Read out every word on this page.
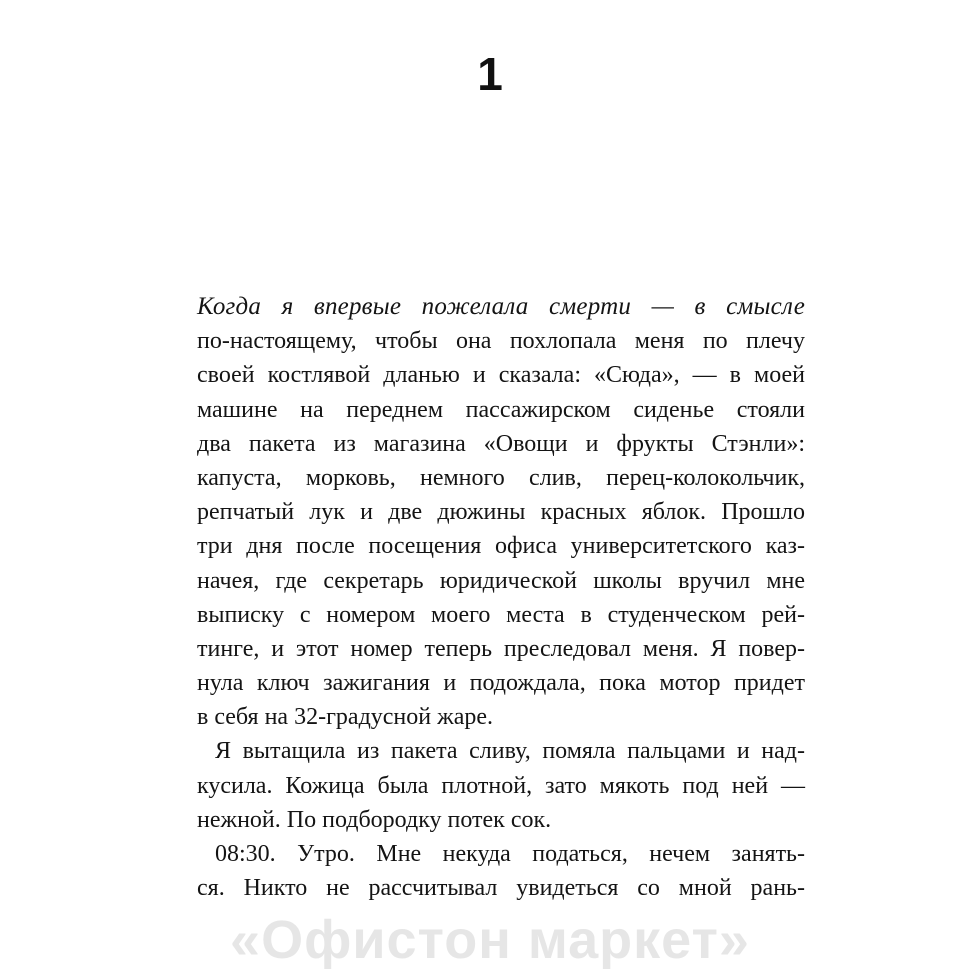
1
Когда я впервые пожелала смерти — в смысле
по-настоящему, чтобы она похлопала меня по плечу
своей костлявой дланью и сказала: «Сюда», — в моей
машине на переднем пассажирском сиденье стояли
два пакета из магазина «Овощи и фрукты Стэнли»:
капуста, морковь, немного слив, перец-колокольчик,
репчатый лук и две дюжины красных яблок. Прошло
три дня после посещения офиса университетского каз-
начея, где секретарь юридической школы вручил мне
выписку с номером моего места в студенческом рей-
тинге, и этот номер теперь преследовал меня. Я повер-
нула ключ зажигания и подождала, пока мотор придет
в себя на 32-градусной жаре.
Я вытащила из пакета сливу, помяла пальцами и над-
кусила. Кожица была плотной, зато мякоть под ней —
нежной. По подбородку потек сок.
08:30. Утро. Мне некуда податься, нечем занять-
ся. Никто не рассчитывал увидеться со мной рань-
«Офистон маркет»
